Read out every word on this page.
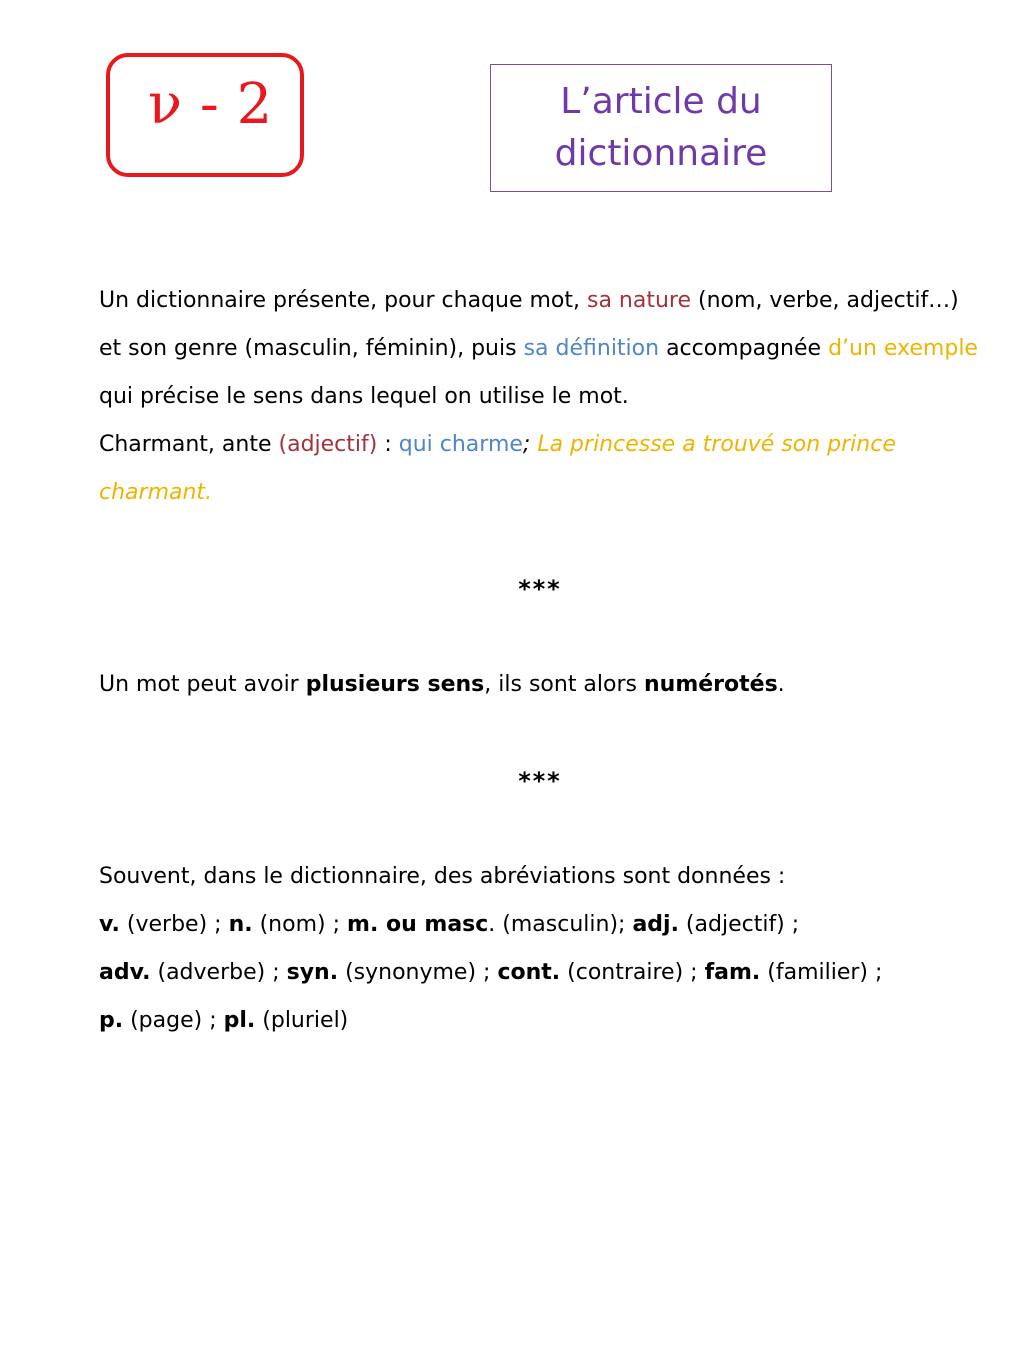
ν - 2	L’article du
dictionnaire

Un dictionnaire présente, pour chaque mot, sa nature (nom, verbe, adjectif…) et son genre (masculin, féminin), puis sa définition accompagnée d’un exemple qui précise le sens dans lequel on utilise le mot.

Charmant, ante (adjectif) : qui charme; La princesse a trouvé son prince charmant.

***

Un mot peut avoir plusieurs sens, ils sont alors numérotés.

***

Souvent, dans le dictionnaire, des abréviations sont données :

v. (verbe) ; n. (nom) ; m. ou masc. (masculin); adj. (adjectif) ;

adv. (adverbe) ; syn. (synonyme) ; cont. (contraire) ; fam. (familier) ;

p. (page) ; pl. (pluriel)
